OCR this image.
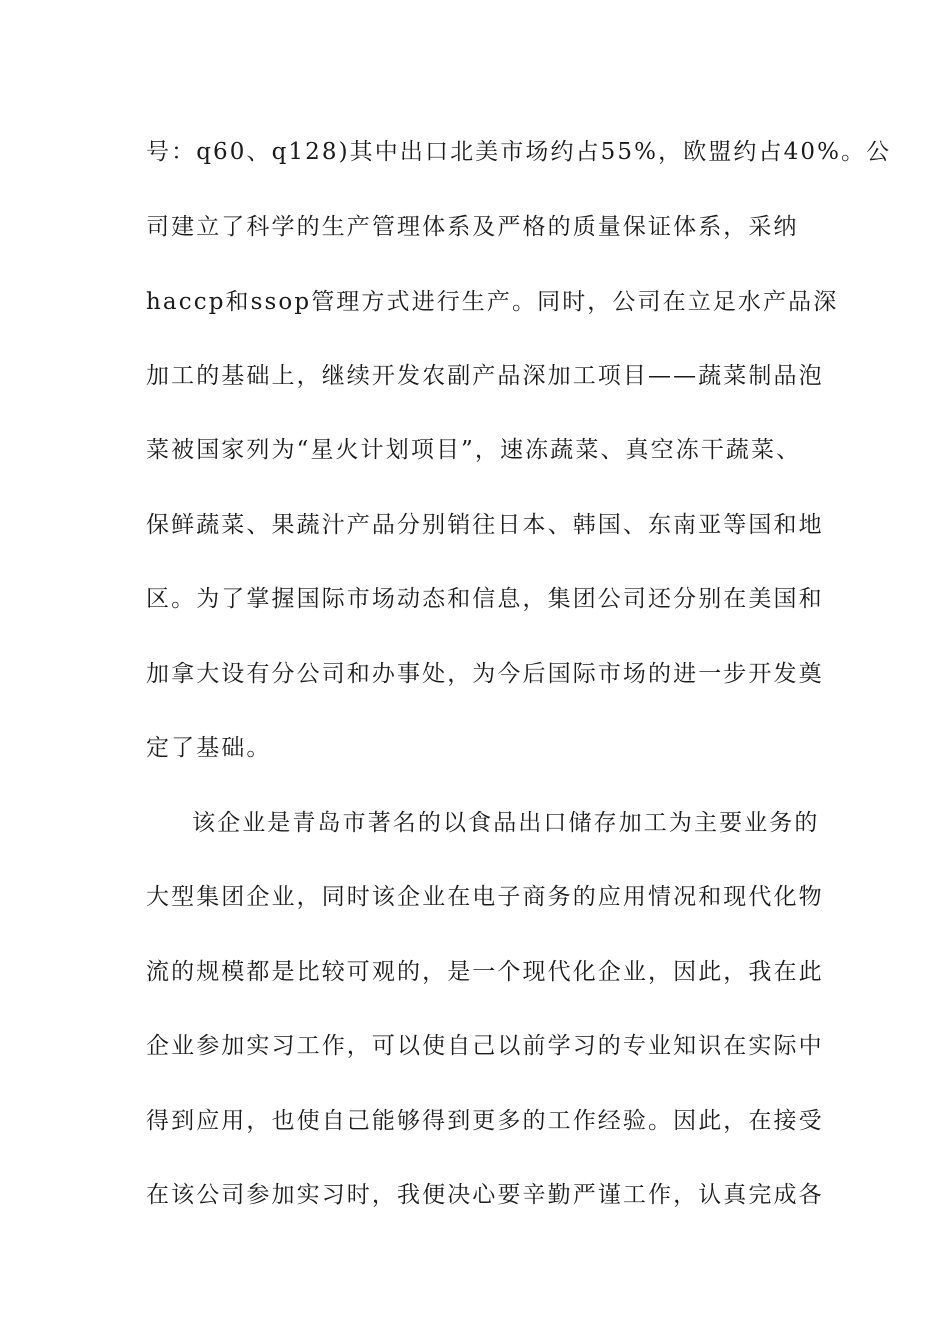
号：q60、q128)其中出口北美市场约占55%，欧盟约占40%。公
司建立了科学的生产管理体系及严格的质量保证体系，采纳
haccp和ssop管理方式进行生产。同时，公司在立足水产品深
加工的基础上，继续开发农副产品深加工项目——蔬菜制品泡
菜被国家列为“星火计划项目”，速冻蔬菜、真空冻干蔬菜、
保鲜蔬菜、果蔬汁产品分别销往日本、韩国、东南亚等国和地
区。为了掌握国际市场动态和信息，集团公司还分别在美国和
加拿大设有分公司和办事处，为今后国际市场的进一步开发奠
定了基础。
该企业是青岛市著名的以食品出口储存加工为主要业务的
大型集团企业，同时该企业在电子商务的应用情况和现代化物
流的规模都是比较可观的，是一个现代化企业，因此，我在此
企业参加实习工作，可以使自己以前学习的专业知识在实际中
得到应用，也使自己能够得到更多的工作经验。因此，在接受
在该公司参加实习时，我便决心要辛勤严谨工作，认真完成各
